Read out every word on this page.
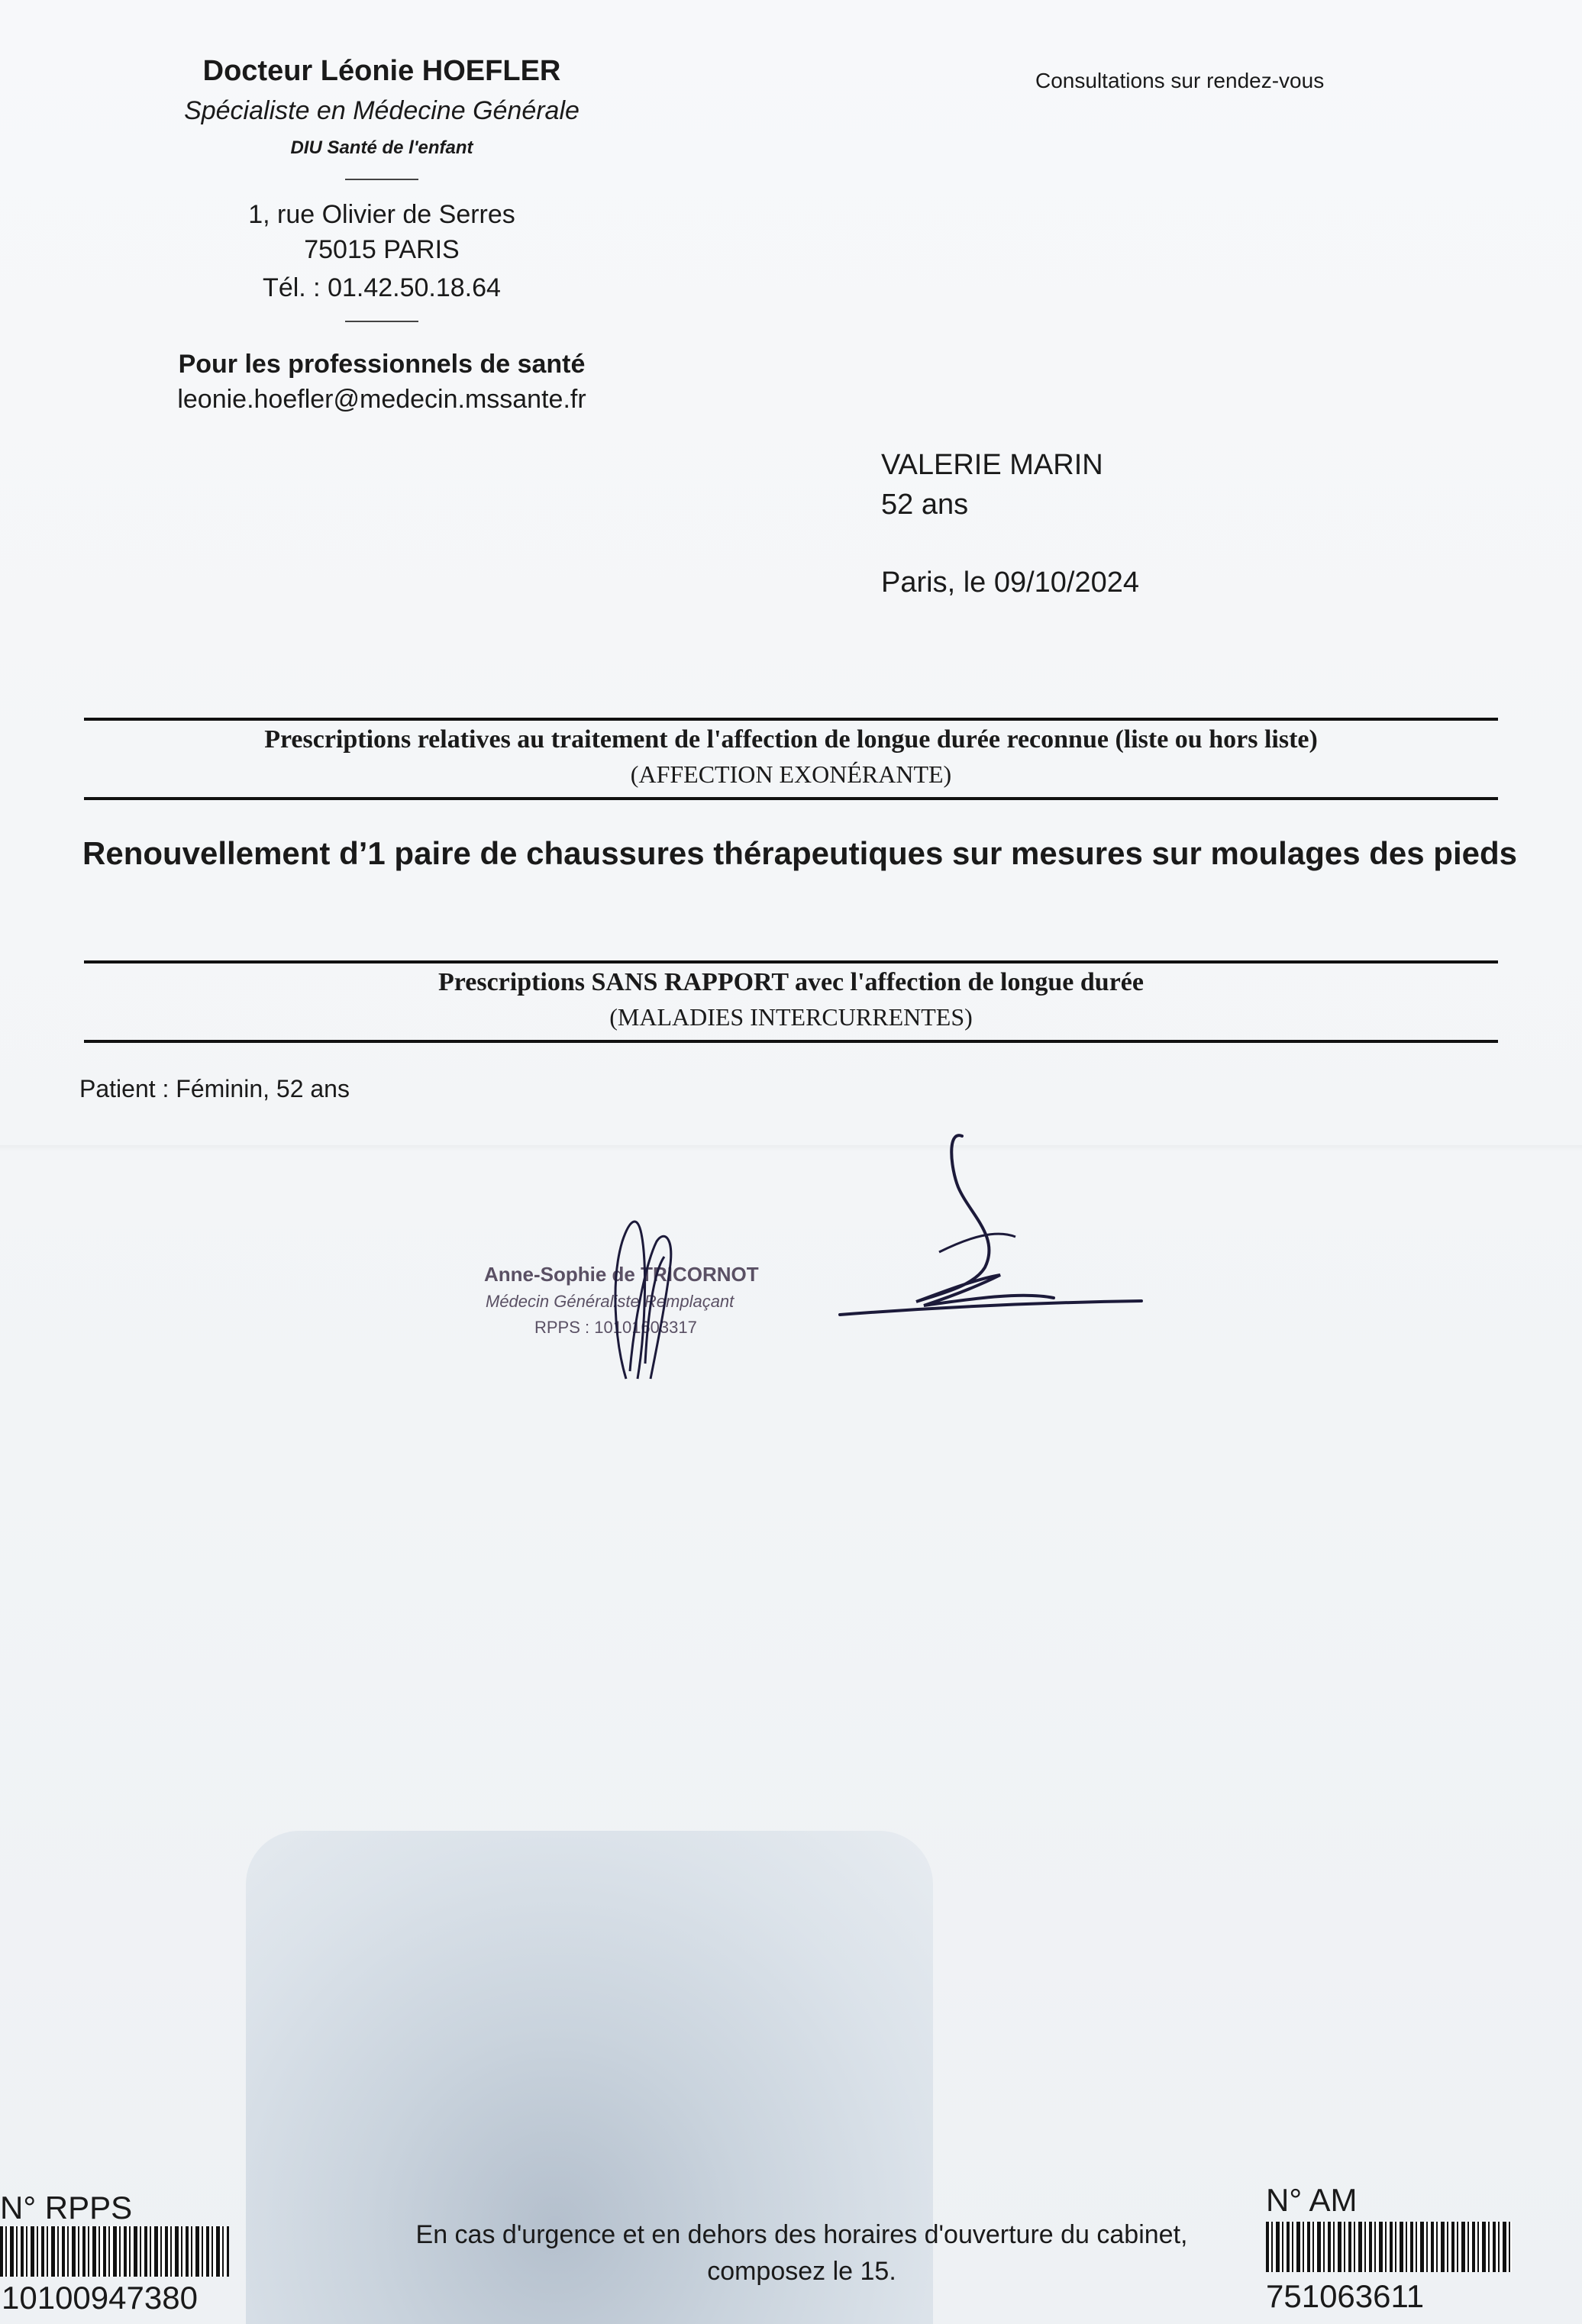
Docteur Léonie HOEFLER
Spécialiste en Médecine Générale
DIU Santé de l'enfant
1, rue Olivier de Serres
75015 PARIS
Tél. : 01.42.50.18.64
Pour les professionnels de santé
leonie.hoefler@medecin.mssante.fr
Consultations sur rendez-vous
VALERIE MARIN
52 ans
Paris, le 09/10/2024
Prescriptions relatives au traitement de l'affection de longue durée reconnue (liste ou hors liste)
(AFFECTION EXONÉRANTE)
Renouvellement d’1 paire de chaussures thérapeutiques sur mesures sur moulages des pieds
Prescriptions SANS RAPPORT avec l'affection de longue durée
(MALADIES INTERCURRENTES)
Patient : Féminin, 52 ans
Anne-Sophie de TRICORNOT
Médecin Généraliste Remplaçant
RPPS : 10101603317
N° RPPS
10100947380
En cas d'urgence et en dehors des horaires d'ouverture du cabinet,
composez le 15.
N° AM
751063611
